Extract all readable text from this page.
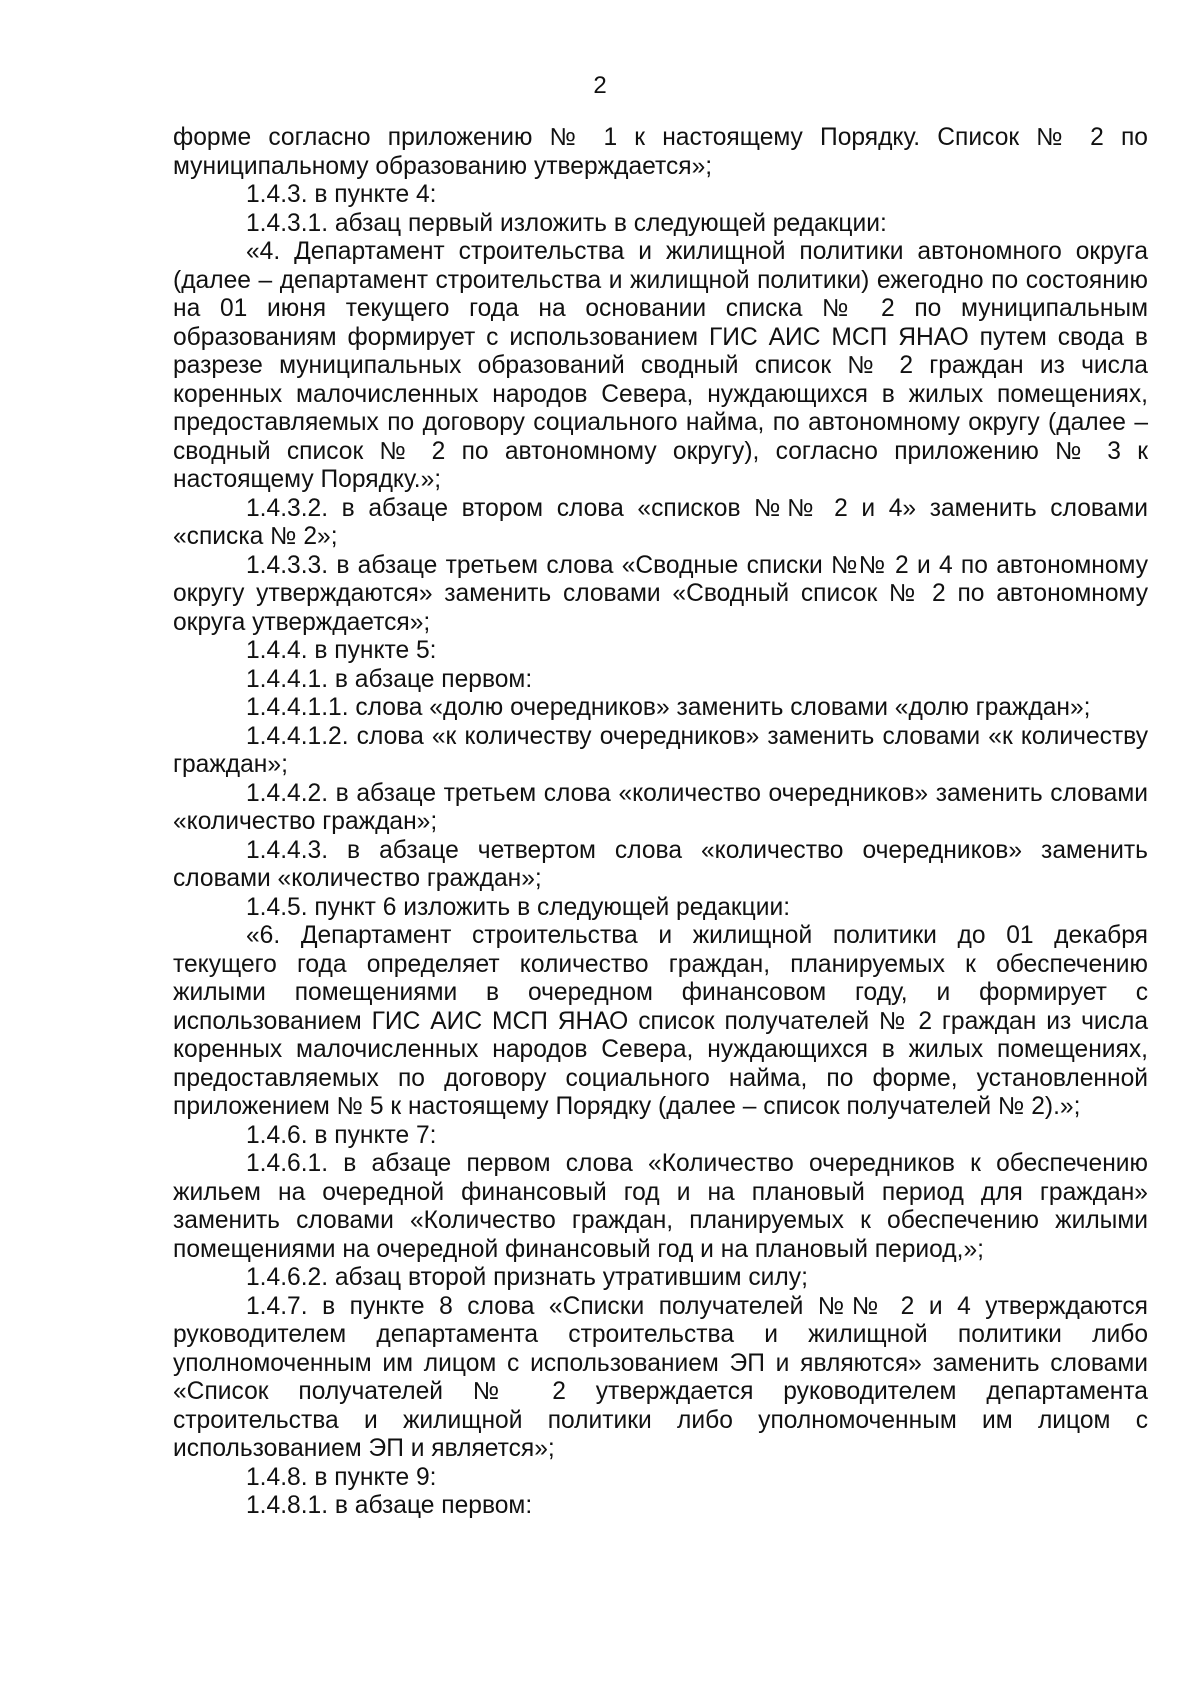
2

форме согласно приложению № 1 к настоящему Порядку. Список № 2 по муниципальному образованию утверждается»;

1.4.3. в пункте 4:

1.4.3.1. абзац первый изложить в следующей редакции:

«4. Департамент строительства и жилищной политики автономного округа (далее – департамент строительства и жилищной политики) ежегодно по состоянию на 01 июня текущего года на основании списка № 2 по муниципальным образованиям формирует с использованием ГИС АИС МСП ЯНАО путем свода в разрезе муниципальных образований сводный список № 2 граждан из числа коренных малочисленных народов Севера, нуждающихся в жилых помещениях, предоставляемых по договору социального найма, по автономному округу (далее – сводный список № 2 по автономному округу), согласно приложению № 3 к настоящему Порядку.»;

1.4.3.2. в абзаце втором слова «списков №№ 2 и 4» заменить словами «списка № 2»;

1.4.3.3. в абзаце третьем слова «Сводные списки №№ 2 и 4 по автономному округу утверждаются» заменить словами «Сводный список № 2 по автономному округа утверждается»;

1.4.4. в пункте 5:

1.4.4.1. в абзаце первом:

1.4.4.1.1. слова «долю очередников» заменить словами «долю граждан»;

1.4.4.1.2. слова «к количеству очередников» заменить словами «к количеству граждан»;

1.4.4.2. в абзаце третьем слова «количество очередников» заменить словами «количество граждан»;

1.4.4.3. в абзаце четвертом слова «количество очередников» заменить словами «количество граждан»;

1.4.5. пункт 6 изложить в следующей редакции:

«6. Департамент строительства и жилищной политики до 01 декабря текущего года определяет количество граждан, планируемых к обеспечению жилыми помещениями в очередном финансовом году, и формирует с использованием ГИС АИС МСП ЯНАО список получателей № 2 граждан из числа коренных малочисленных народов Севера, нуждающихся в жилых помещениях, предоставляемых по договору социального найма, по форме, установленной приложением № 5 к настоящему Порядку (далее – список получателей № 2).»;

1.4.6. в пункте 7:

1.4.6.1. в абзаце первом слова «Количество очередников к обеспечению жильем на очередной финансовый год и на плановый период для граждан» заменить словами «Количество граждан, планируемых к обеспечению жилыми помещениями на очередной финансовый год и на плановый период,»;

1.4.6.2. абзац второй признать утратившим силу;

1.4.7. в пункте 8 слова «Списки получателей №№ 2 и 4 утверждаются руководителем департамента строительства и жилищной политики либо уполномоченным им лицом с использованием ЭП и являются» заменить словами «Список получателей № 2 утверждается руководителем департамента строительства и жилищной политики либо уполномоченным им лицом с использованием ЭП и является»;

1.4.8. в пункте 9:

1.4.8.1. в абзаце первом:
